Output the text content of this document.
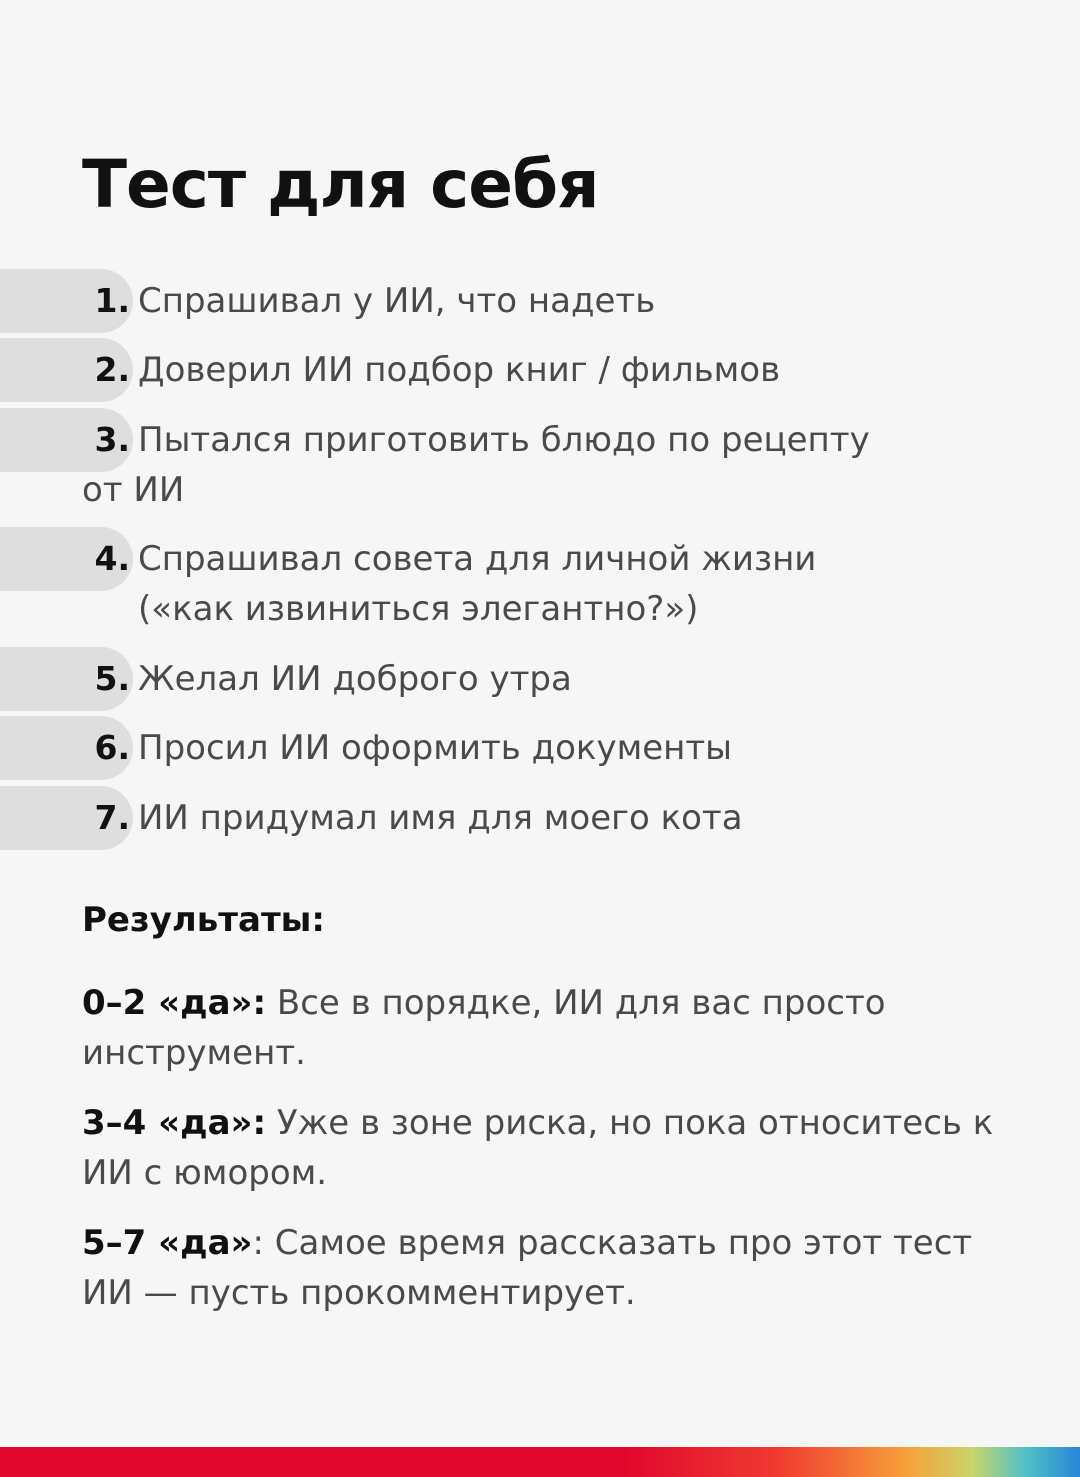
Тест для себя
1. Спрашивал у ИИ, что надеть
2. Доверил ИИ подбор книг / фильмов
3. Пытался приготовить блюдо по рецепту
от ИИ
4. Спрашивал совета для личной жизни
(«как извиниться элегантно?»)
5. Желал ИИ доброго утра
6. Просил ИИ оформить документы
7. ИИ придумал имя для моего кота
Результаты:
0–2 «да»: Все в порядке, ИИ для вас просто инструмент.
3–4 «да»: Уже в зоне риска, но пока относитесь к ИИ с юмором.
5–7 «да»: Самое время рассказать про этот тест ИИ — пусть прокомментирует.
